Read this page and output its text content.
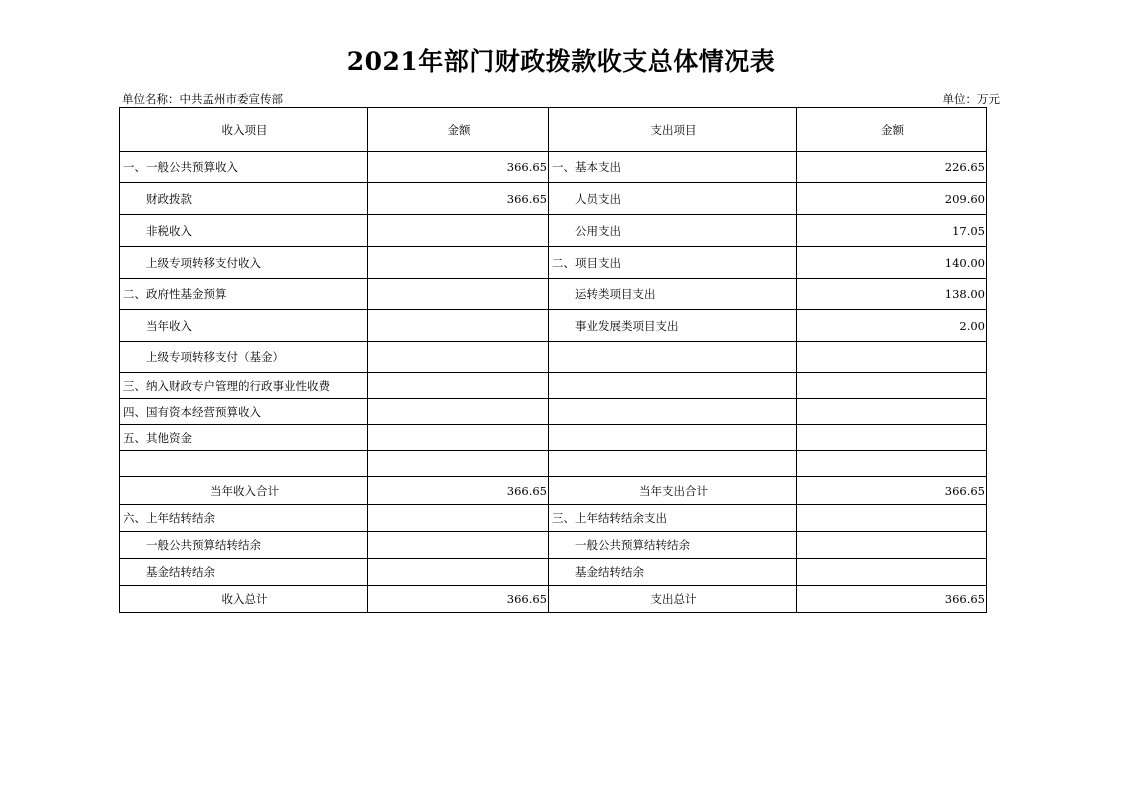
2021年部门财政拨款收支总体情况表
单位名称：中共孟州市委宣传部	单位：万元
收入项目	金额	支出项目	金额
一、一般公共预算收入	366.65	一、基本支出	226.65
财政拨款	366.65	人员支出	209.60
非税收入		公用支出	17.05
上级专项转移支付收入		二、项目支出	140.00
二、政府性基金预算		运转类项目支出	138.00
当年收入		事业发展类项目支出	2.00
上级专项转移支付（基金）			
三、纳入财政专户管理的行政事业性收费			
四、国有资本经营预算收入			
五、其他资金			

当年收入合计	366.65	当年支出合计	366.65
六、上年结转结余		三、上年结转结余支出	
一般公共预算结转结余		一般公共预算结转结余	
基金结转结余		基金结转结余	
收入总计	366.65	支出总计	366.65
